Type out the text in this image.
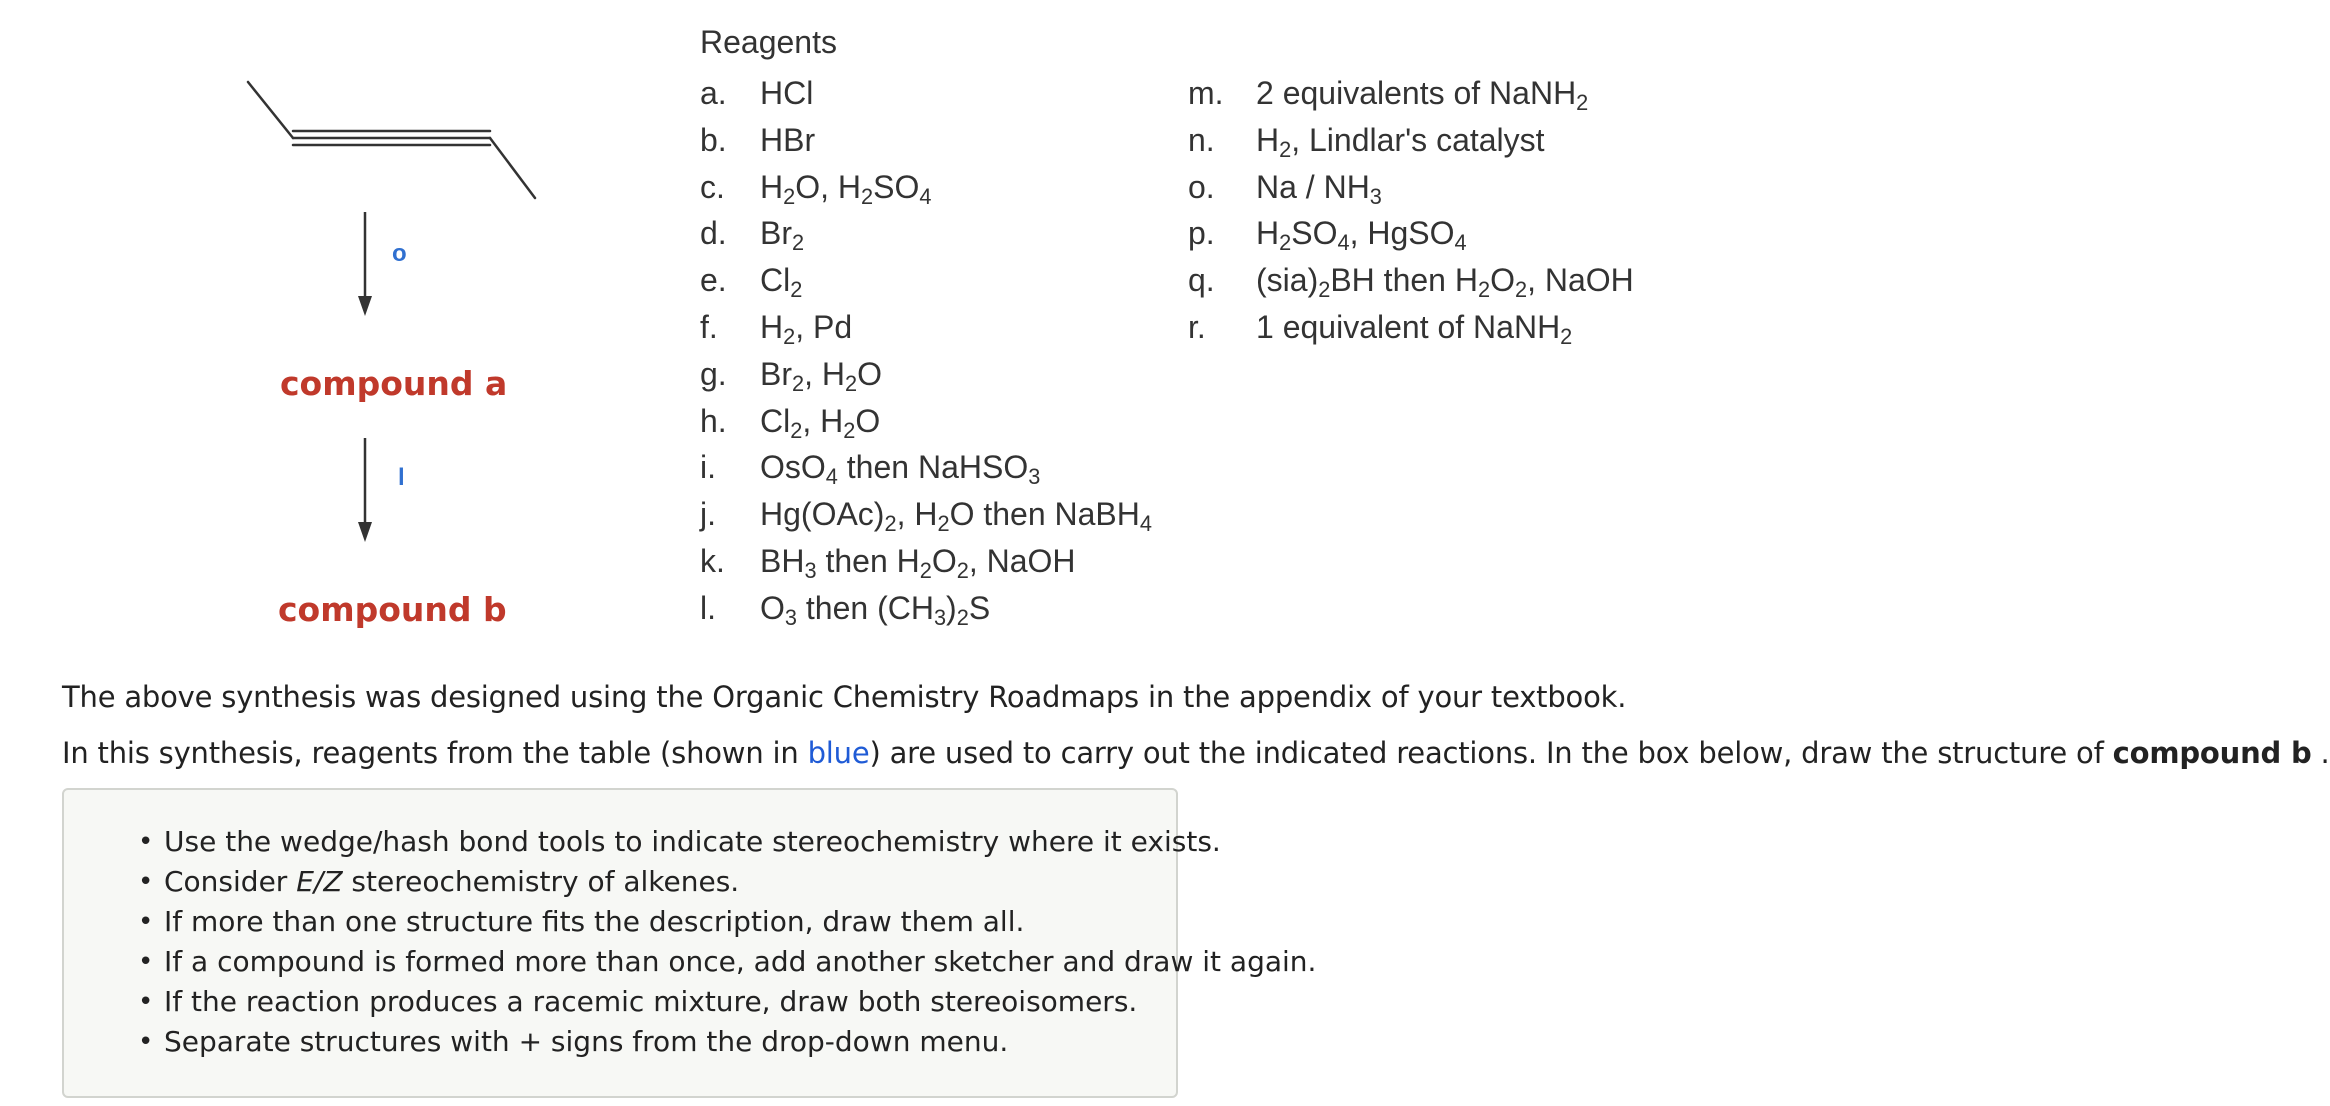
o
compound a
l
compound b
Reagents
a. HCl
b. HBr
c. $H_2O$, $H_2SO_4$
d. $Br_2$
e. $Cl_2$
f. $H_2$, Pd
g. $Br_2$, $H_2O$
h. $Cl_2$, $H_2O$
i. OsO$_4$ then NaHSO$_3$
j. $Hg(OAc)_2$, $H_2O$ then NaBH$_4$
k. $BH_3$ then $H_2O_2$, NaOH
l. $O_3$ then $(CH_3)_2S$
m. 2 equivalents of NaNH$_2$
n. $H_2$, Lindlar's catalyst
o. Na / $NH_3$
p. $H_2SO_4$, HgSO$_4$
q. $(sia)_2BH$ then $H_2O_2$, NaOH
r. 1 equivalent of NaNH$_2$
The above synthesis was designed using the Organic Chemistry Roadmaps in the appendix of your textbook.
In this synthesis, reagents from the table (shown in blue) are used to carry out the indicated reactions. In the box below, draw the structure of compound b .
• Use the wedge/hash bond tools to indicate stereochemistry where it exists.
• Consider E/Z stereochemistry of alkenes.
• If more than one structure fits the description, draw them all.
• If a compound is formed more than once, add another sketcher and draw it again.
• If the reaction produces a racemic mixture, draw both stereoisomers.
• Separate structures with + signs from the drop-down menu.
